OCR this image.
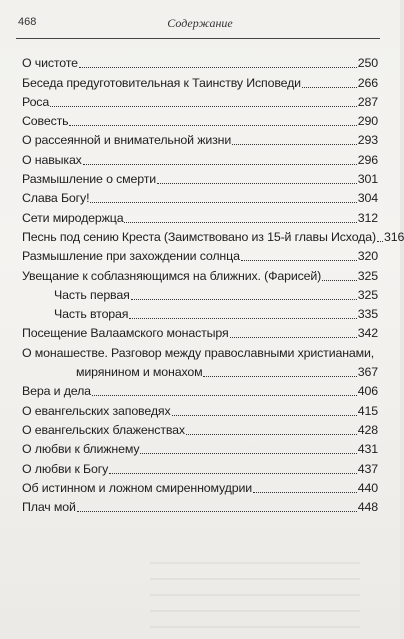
468	Содержание
О чистоте	250
Беседа предуготовительная к Таинству Исповеди	266
Роса	287
Совесть	290
О рассеянной и внимательной жизни	293
О навыках	296
Размышление о смерти	301
Слава Богу!	304
Сети миродержца	312
Песнь под сению Креста (Заимствовано из 15-й главы Исхода) 316
Размышление при захождении солнца	320
Увещание к соблазняющимся на ближних. (Фарисей)	325
Часть первая	325
Часть вторая	335
Посещение Валаамского монастыря	342
О монашестве. Разговор между православными христианами,
мирянином и монахом	367
Вера и дела	406
О евангельских заповедях	415
О евангельских блаженствах	428
О любви к ближнему	431
О любви к Богу	437
Об истинном и ложном смиренномудрии	440
Плач мой	448
